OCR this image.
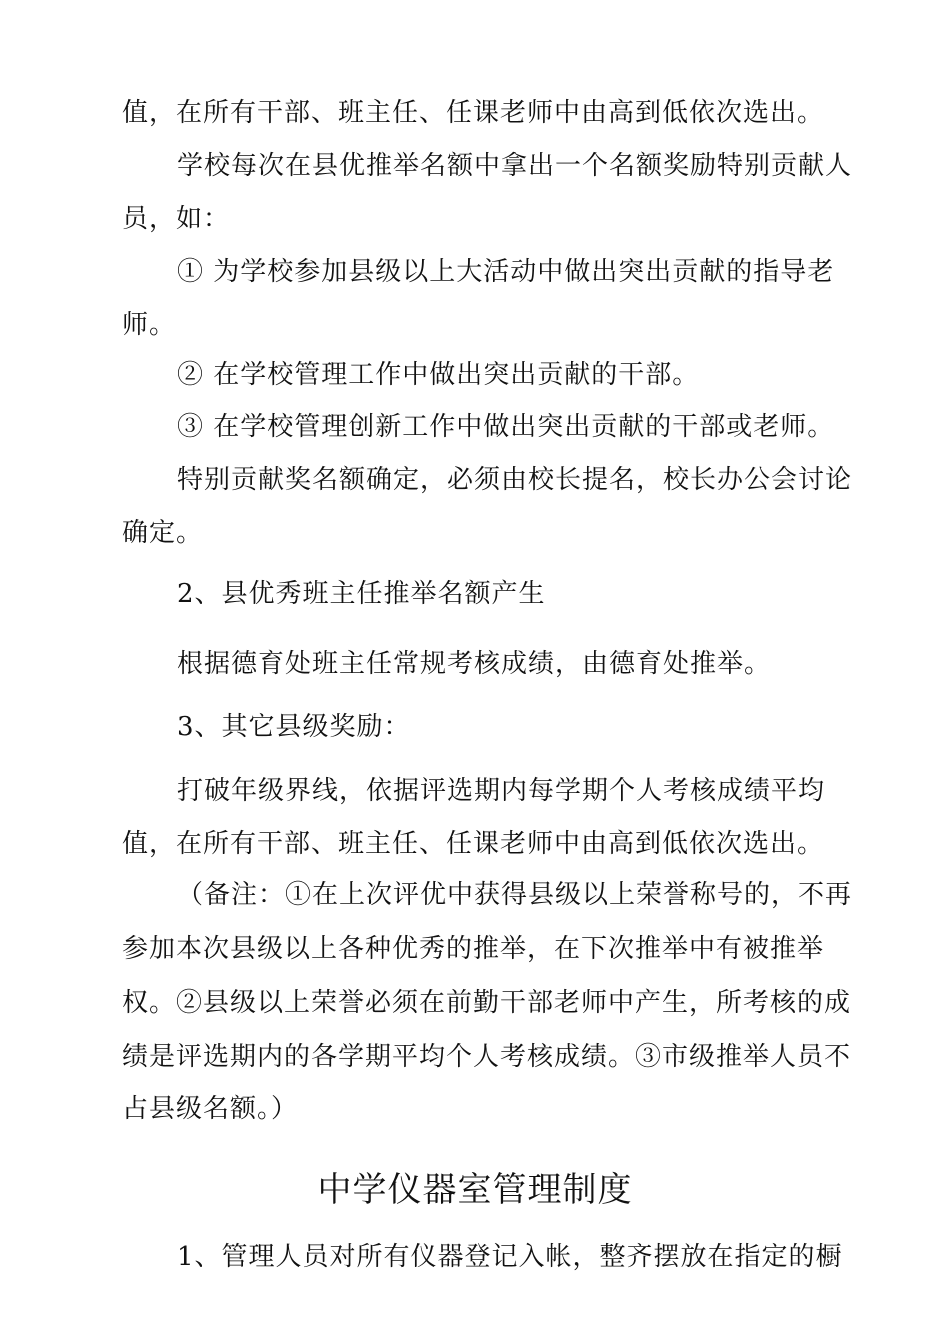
值，在所有干部、班主任、任课老师中由高到低依次选出。
学校每次在县优推举名额中拿出一个名额奖励特别贡献人
员，如：
① 为学校参加县级以上大活动中做出突出贡献的指导老
师。
② 在学校管理工作中做出突出贡献的干部。
③ 在学校管理创新工作中做出突出贡献的干部或老师。
特别贡献奖名额确定，必须由校长提名，校长办公会讨论
确定。
2、县优秀班主任推举名额产生
根据德育处班主任常规考核成绩，由德育处推举。
3、其它县级奖励：
打破年级界线，依据评选期内每学期个人考核成绩平均
值，在所有干部、班主任、任课老师中由高到低依次选出。
（备注：①在上次评优中获得县级以上荣誉称号的，不再
参加本次县级以上各种优秀的推举，在下次推举中有被推举
权。②县级以上荣誉必须在前勤干部老师中产生，所考核的成
绩是评选期内的各学期平均个人考核成绩。③市级推举人员不
占县级名额。）
中学仪器室管理制度
1、管理人员对所有仪器登记入帐，整齐摆放在指定的橱
